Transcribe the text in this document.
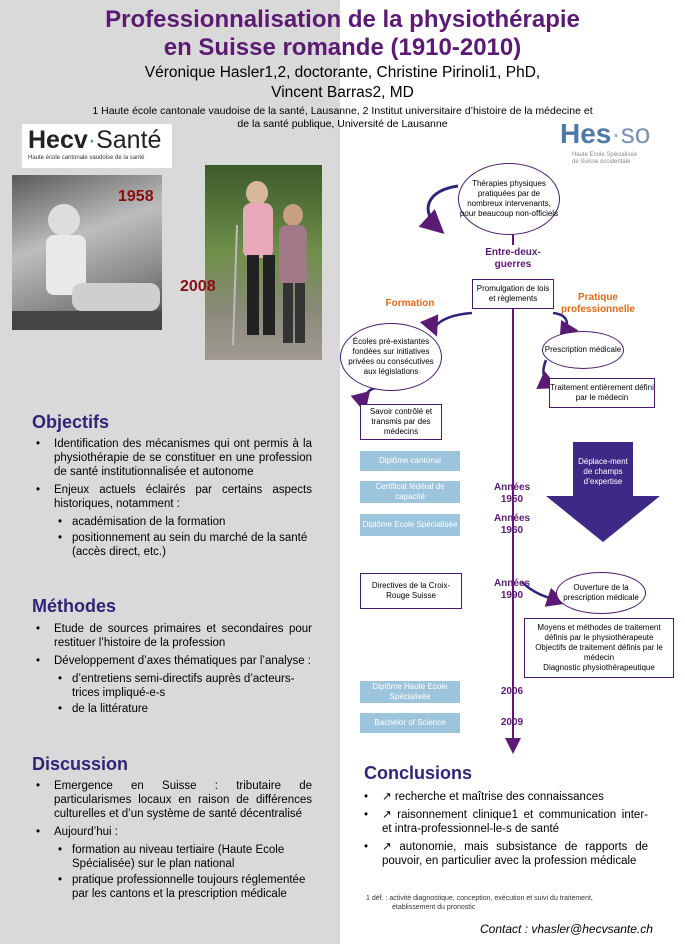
Professionnalisation de la physiothérapie
en Suisse romande (1910-2010)
Véronique Hasler1,2, doctorante, Christine Pirinoli1, PhD,
Vincent Barras2, MD
1 Haute école cantonale vaudoise de la santé, Lausanne, 2 Institut universitaire d’histoire de la médecine et
de la santé publique, Université de Lausanne
Hecv·Santé
Haute école cantonale vaudoise de la santé
Hes·so
Haute Ecole Spécialisée
de Suisse occidentale
1958
2008
Objectifs
• Identification des mécanismes qui ont permis à la physiothérapie de se constituer en une profession de santé institutionnalisée et autonome
• Enjeux actuels éclairés par certains aspects historiques, notamment :
• académisation de la formation
• positionnement au sein du marché de la santé (accès direct, etc.)
Méthodes
• Etude de sources primaires et secondaires pour restituer l’histoire de la profession
• Développement d’axes thématiques par l’analyse :
• d’entretiens semi-directifs auprès d’acteurs-trices impliqué-e-s
• de la littérature
Discussion
• Emergence en Suisse : tributaire de particularismes locaux en raison de différences culturelles et d’un système de santé décentralisé
• Aujourd’hui :
• formation au niveau tertiaire (Haute Ecole Spécialisée) sur le plan national
• pratique professionnelle toujours réglementée par les cantons et la prescription médicale
Thérapies physiques pratiquées par de nombreux intervenants, pour beaucoup non-officiels
Entre-deux-guerres
Promulgation de lois et règlements
Formation
Pratique professionnelle
Écoles pré-existantes fondées sur initiatives privées ou consécutives aux législations
Prescription médicale
Traitement entièrement défini par le médecin
Savoir contrôlé et transmis par des médecins
Diplôme cantonal
Certificat fédéral de capacité
Diplôme Ecole Spécialisée
Années 1950
Années 1960
Déplace-ment de champs d’expertise
Directives de la Croix-Rouge Suisse
Années 1990
Ouverture de la prescription médicale
Moyens et méthodes de traitement définis par le physiothérapeute
Objectifs de traitement définis par le médecin
Diagnostic physiothérapeutique
Diplôme Haute Ecole Spécialisée	2006
Bachelor of Science	2009
Conclusions
• ↗ recherche et maîtrise des connaissances
• ↗ raisonnement clinique1 et communication inter- et intra-professionnel-le-s de santé
• ↗ autonomie, mais subsistance de rapports de pouvoir, en particulier avec la profession médicale
1 déf. : activité diagnostique, conception, exécution et suivi du traitement,
établissement du pronostic
Contact : vhasler@hecvsante.ch
